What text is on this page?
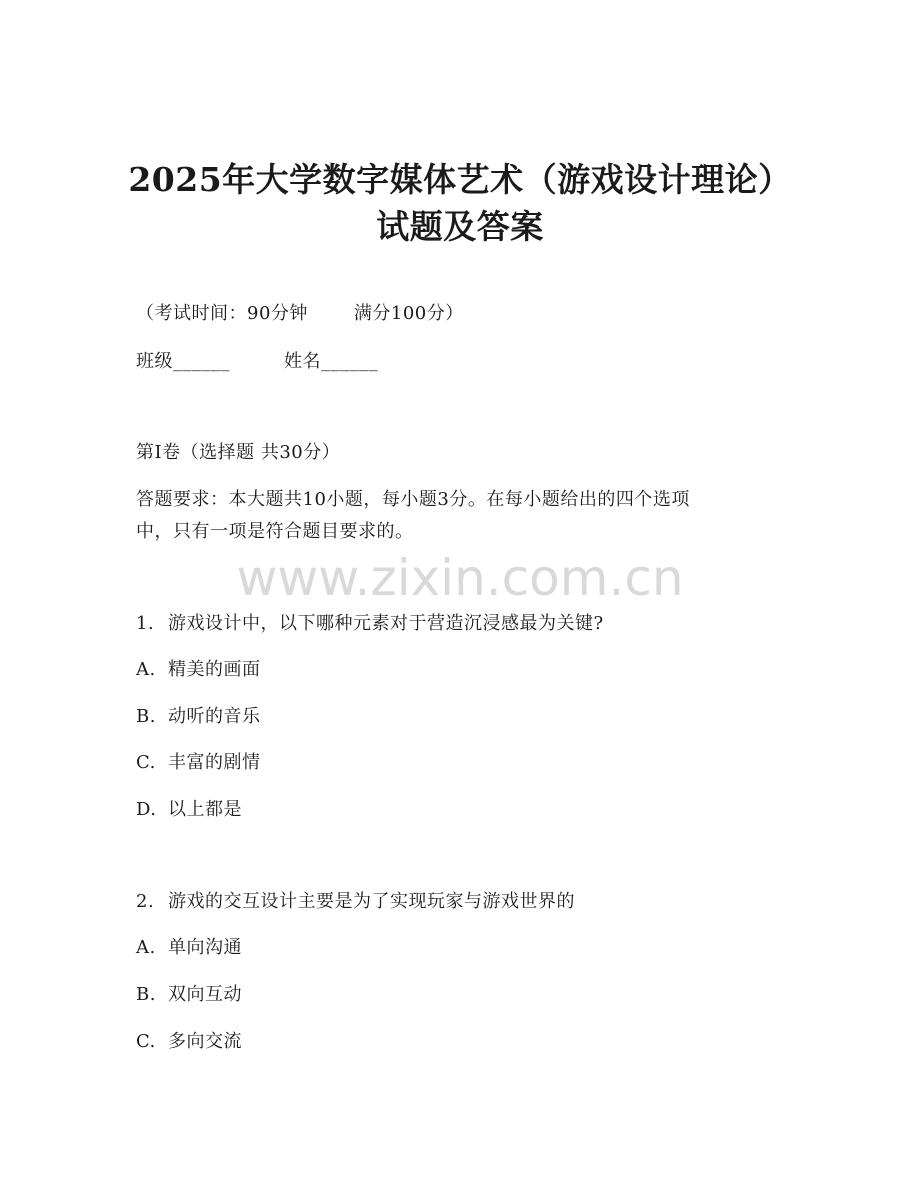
2025年大学数字媒体艺术（游戏设计理论）
试题及答案
（考试时间：90分钟	满分100分）
班级______	姓名______
第I卷（选择题 共30分）
答题要求：本大题共10小题，每小题3分。在每小题给出的四个选项
中，只有一项是符合题目要求的。
www.zixin.com.cn
1. 游戏设计中，以下哪种元素对于营造沉浸感最为关键?
A. 精美的画面
B. 动听的音乐
C. 丰富的剧情
D. 以上都是
2. 游戏的交互设计主要是为了实现玩家与游戏世界的
A. 单向沟通
B. 双向互动
C. 多向交流
